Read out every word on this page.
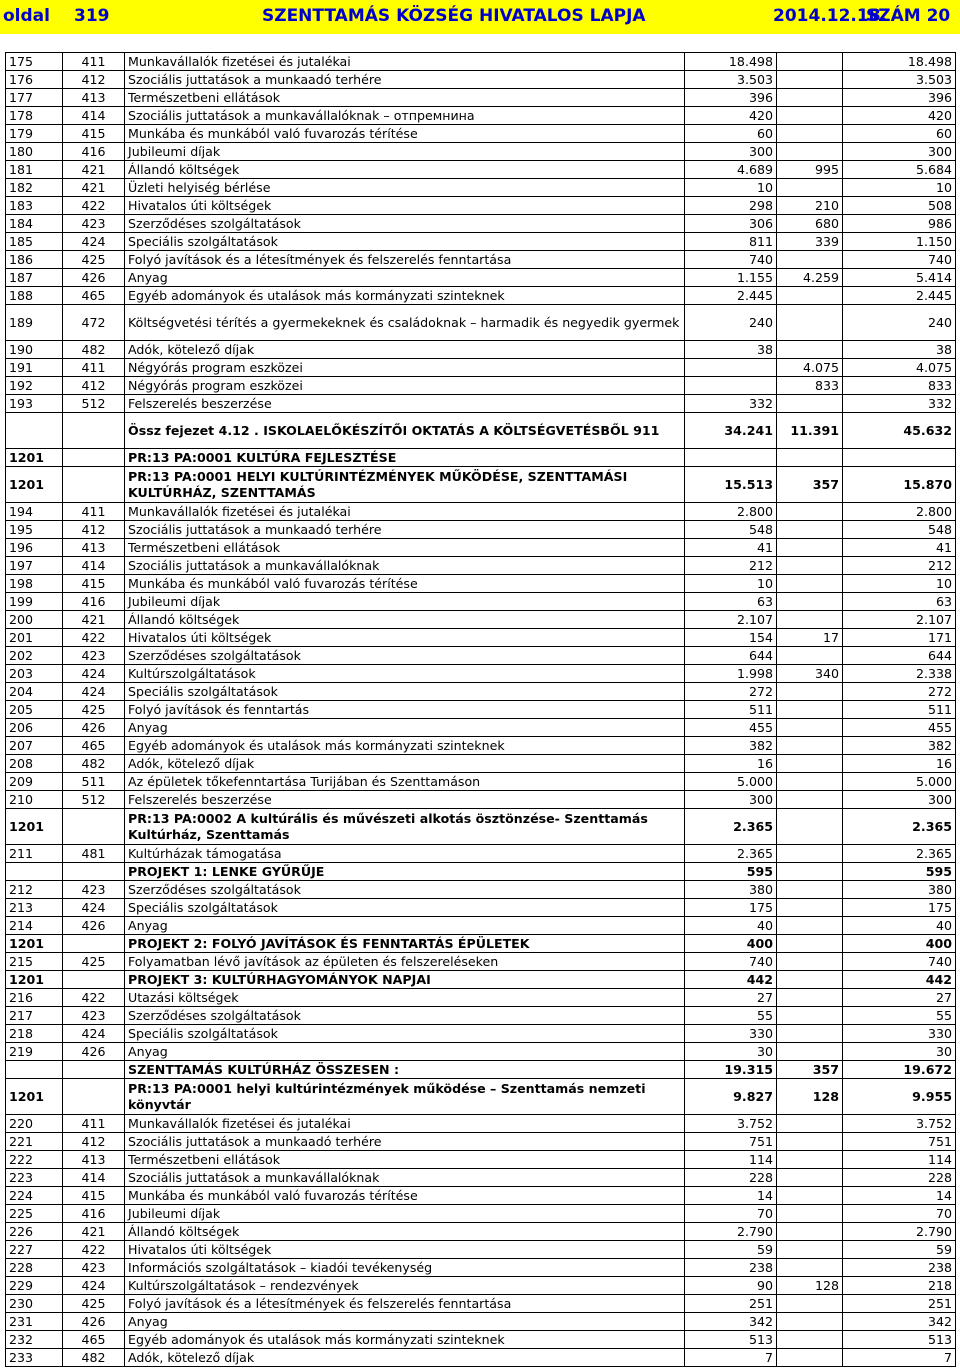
oldal 319	SZENTTAMÁS KÖZSÉG HIVATALOS LAPJA	2014.12.18.
SZÁM 20
175	411	Munkavállalók fizetései és jutalékai	18.498		18.498
176	412	Szociális juttatások a munkaadó terhére	3.503		3.503
177	413	Természetbeni ellátások	396		396
178	414	Szociális juttatások a munkavállalóknak – отпремнина	420		420
179	415	Munkába és munkából való fuvarozás térítése	60		60
180	416	Jubileumi díjak	300		300
181	421	Állandó költségek	4.689	995	5.684
182	421	Üzleti helyiség bérlése	10		10
183	422	Hivatalos úti költségek	298	210	508
184	423	Szerződéses szolgáltatások	306	680	986
185	424	Speciális szolgáltatások	811	339	1.150
186	425	Folyó javítások és a létesítmények és felszerelés fenntartása	740		740
187	426	Anyag	1.155	4.259	5.414
188	465	Egyéb adományok és utalások más kormányzati szinteknek	2.445		2.445
189	472	Költségvetési térítés a gyermekeknek és családoknak – harmadik és negyedik gyermek	240		240
190	482	Adók, kötelező díjak	38		38
191	411	Négyórás program eszközei		4.075	4.075
192	412	Négyórás program eszközei		833	833
193	512	Felszerelés beszerzése	332		332
		Össz fejezet 4.12 . ISKOLAELŐKÉSZÍTŐI OKTATÁS A KÖLTSÉGVETÉSBŐL 911	34.241	11.391	45.632
1201		PR:13 PA:0001 KULTÚRA FEJLESZTÉSE			
1201		PR:13 PA:0001 HELYI KULTÚRINTÉZMÉNYEK MŰKÖDÉSE, SZENTTAMÁSI KULTÚRHÁZ, SZENTTAMÁS	15.513	357	15.870
194	411	Munkavállalók fizetései és jutalékai	2.800		2.800
195	412	Szociális juttatások a munkaadó terhére	548		548
196	413	Természetbeni ellátások	41		41
197	414	Szociális juttatások a munkavállalóknak	212		212
198	415	Munkába és munkából való fuvarozás térítése	10		10
199	416	Jubileumi díjak	63		63
200	421	Állandó költségek	2.107		2.107
201	422	Hivatalos úti költségek	154	17	171
202	423	Szerződéses szolgáltatások	644		644
203	424	Kultúrszolgáltatások	1.998	340	2.338
204	424	Speciális szolgáltatások	272		272
205	425	Folyó javítások és fenntartás	511		511
206	426	Anyag	455		455
207	465	Egyéb adományok és utalások más kormányzati szinteknek	382		382
208	482	Adók, kötelező díjak	16		16
209	511	Az épületek tőkefenntartása Turijában és Szenttamáson	5.000		5.000
210	512	Felszerelés beszerzése	300		300
1201		PR:13 PA:0002 A kultúrális és művészeti alkotás ösztönzése- Szenttamás Kultúrház, Szenttamás	2.365		2.365
211	481	Kultúrházak támogatása	2.365		2.365
		PROJEKT 1: LENKE GYŰRŰJE	595		595
212	423	Szerződéses szolgáltatások	380		380
213	424	Speciális szolgáltatások	175		175
214	426	Anyag	40		40
1201		PROJEKT 2: FOLYÓ JAVÍTÁSOK ÉS FENNTARTÁS ÉPÜLETEK	400		400
215	425	Folyamatban lévő javítások az épületen és felszereléseken	740		740
1201		PROJEKT 3: KULTÚRHAGYOMÁNYOK NAPJAI	442		442
216	422	Utazási költségek	27		27
217	423	Szerződéses szolgáltatások	55		55
218	424	Speciális szolgáltatások	330		330
219	426	Anyag	30		30
		SZENTTAMÁS KULTÚRHÁZ ÖSSZESEN :	19.315	357	19.672
1201		PR:13 PA:0001 helyi kultúrintézmények működése – Szenttamás nemzeti könyvtár	9.827	128	9.955
220	411	Munkavállalók fizetései és jutalékai	3.752		3.752
221	412	Szociális juttatások a munkaadó terhére	751		751
222	413	Természetbeni ellátások	114		114
223	414	Szociális juttatások a munkavállalóknak	228		228
224	415	Munkába és munkából való fuvarozás térítése	14		14
225	416	Jubileumi díjak	70		70
226	421	Állandó költségek	2.790		2.790
227	422	Hivatalos úti költségek	59		59
228	423	Információs szolgáltatások – kiadói tevékenység	238		238
229	424	Kultúrszolgáltatások – rendezvények	90	128	218
230	425	Folyó javítások és a létesítmények és felszerelés fenntartása	251		251
231	426	Anyag	342		342
232	465	Egyéb adományok és utalások más kormányzati szinteknek	513		513
233	482	Adók, kötelező díjak	7		7
